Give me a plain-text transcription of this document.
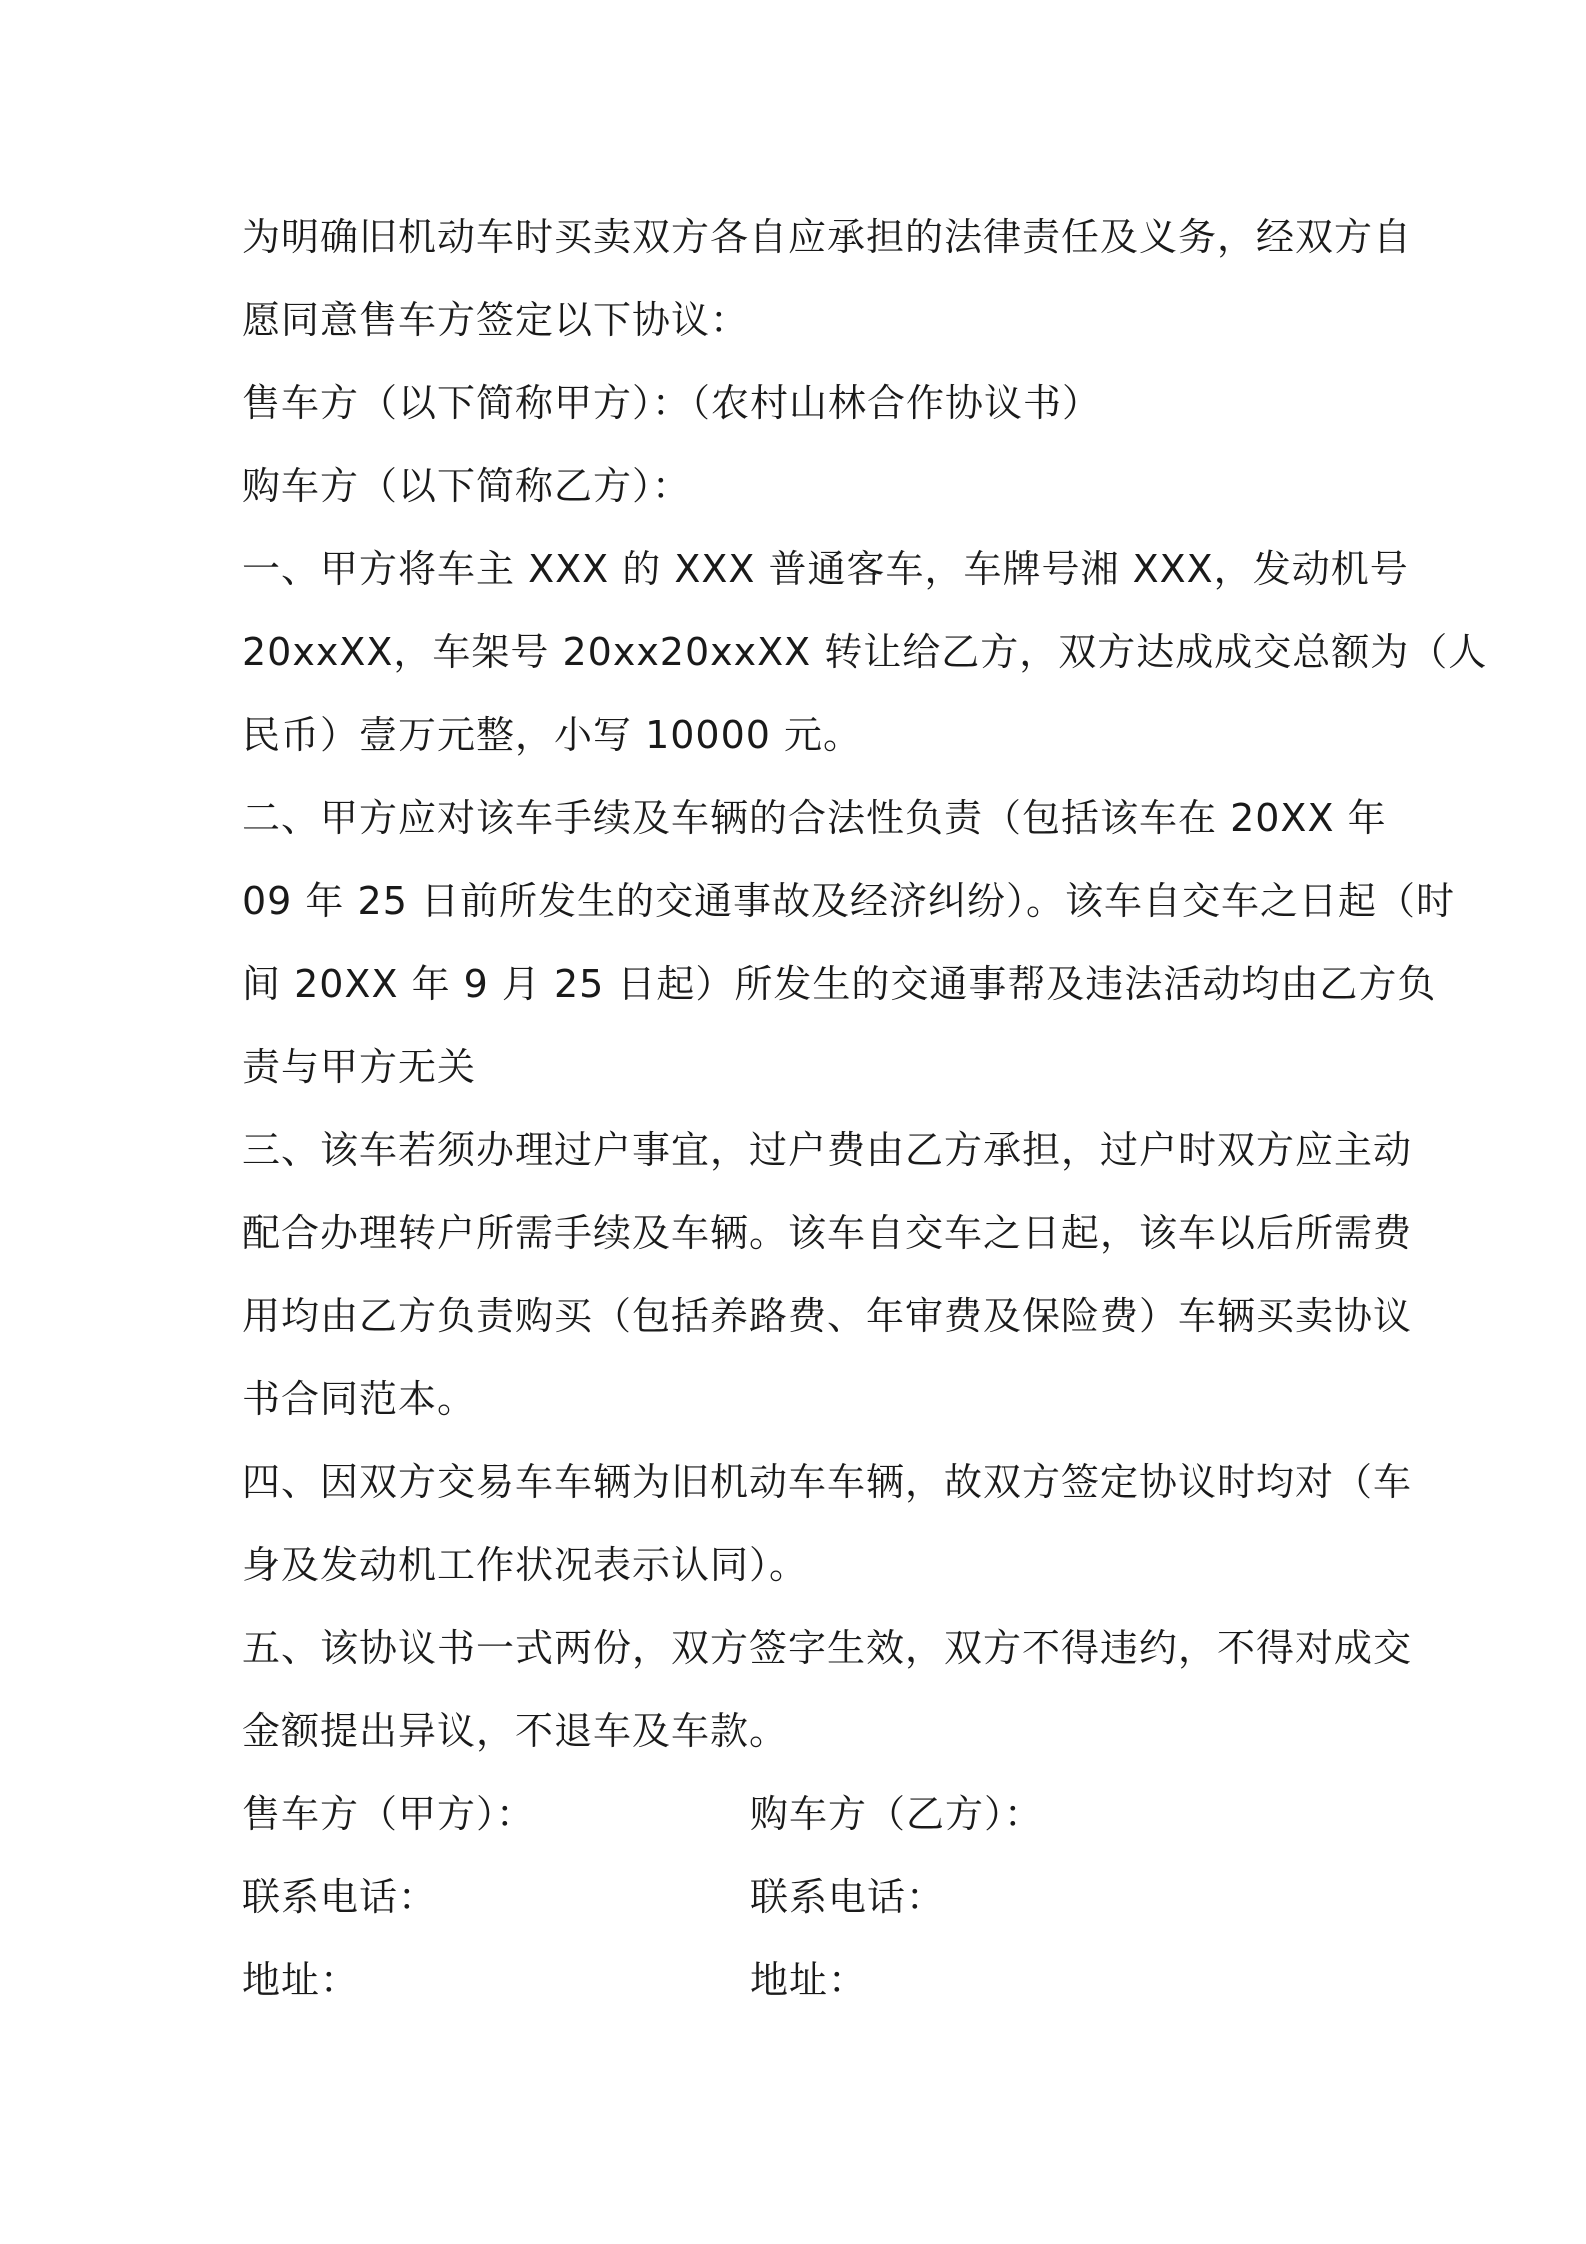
为明确旧机动车时买卖双方各自应承担的法律责任及义务，经双方自
愿同意售车方签定以下协议：
售车方（以下简称甲方）：（农村山林合作协议书）
购车方（以下简称乙方）：
一、甲方将车主 XXX 的 XXX 普通客车，车牌号湘 XXX，发动机号
20xxXX，车架号 20xx20xxXX 转让给乙方，双方达成成交总额为（人
民币）壹万元整，小写 10000 元。
二、甲方应对该车手续及车辆的合法性负责（包括该车在 20XX 年
09 年 25 日前所发生的交通事故及经济纠纷）。该车自交车之日起（时
间 20XX 年 9 月 25 日起）所发生的交通事帮及违法活动均由乙方负
责与甲方无关
三、该车若须办理过户事宜，过户费由乙方承担，过户时双方应主动
配合办理转户所需手续及车辆。该车自交车之日起，该车以后所需费
用均由乙方负责购买（包括养路费、年审费及保险费）车辆买卖协议
书合同范本。
四、因双方交易车车辆为旧机动车车辆，故双方签定协议时均对（车
身及发动机工作状况表示认同）。
五、该协议书一式两份，双方签字生效，双方不得违约，不得对成交
金额提出异议，不退车及车款。
售车方（甲方）：	购车方（乙方）：
联系电话：	联系电话：
地址：	地址：
